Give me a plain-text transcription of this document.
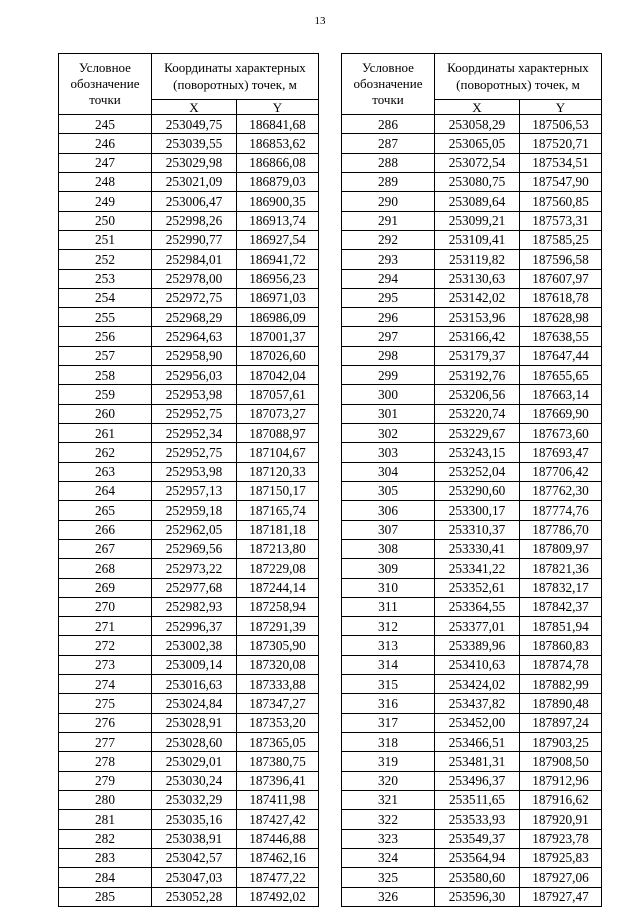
13
Условное обозначение точки	Координаты характерных (поворотных) точек, м	
	X	Y
245	253049,75	186841,68
246	253039,55	186853,62
247	253029,98	186866,08
248	253021,09	186879,03
249	253006,47	186900,35
250	252998,26	186913,74
251	252990,77	186927,54
252	252984,01	186941,72
253	252978,00	186956,23
254	252972,75	186971,03
255	252968,29	186986,09
256	252964,63	187001,37
257	252958,90	187026,60
258	252956,03	187042,04
259	252953,98	187057,61
260	252952,75	187073,27
261	252952,34	187088,97
262	252952,75	187104,67
263	252953,98	187120,33
264	252957,13	187150,17
265	252959,18	187165,74
266	252962,05	187181,18
267	252969,56	187213,80
268	252973,22	187229,08
269	252977,68	187244,14
270	252982,93	187258,94
271	252996,37	187291,39
272	253002,38	187305,90
273	253009,14	187320,08
274	253016,63	187333,88
275	253024,84	187347,27
276	253028,91	187353,20
277	253028,60	187365,05
278	253029,01	187380,75
279	253030,24	187396,41
280	253032,29	187411,98
281	253035,16	187427,42
282	253038,91	187446,88
283	253042,57	187462,16
284	253047,03	187477,22
285	253052,28	187492,02
Условное обозначение точки	Координаты характерных (поворотных) точек, м	
	X	Y
286	253058,29	187506,53
287	253065,05	187520,71
288	253072,54	187534,51
289	253080,75	187547,90
290	253089,64	187560,85
291	253099,21	187573,31
292	253109,41	187585,25
293	253119,82	187596,58
294	253130,63	187607,97
295	253142,02	187618,78
296	253153,96	187628,98
297	253166,42	187638,55
298	253179,37	187647,44
299	253192,76	187655,65
300	253206,56	187663,14
301	253220,74	187669,90
302	253229,67	187673,60
303	253243,15	187693,47
304	253252,04	187706,42
305	253290,60	187762,30
306	253300,17	187774,76
307	253310,37	187786,70
308	253330,41	187809,97
309	253341,22	187821,36
310	253352,61	187832,17
311	253364,55	187842,37
312	253377,01	187851,94
313	253389,96	187860,83
314	253410,63	187874,78
315	253424,02	187882,99
316	253437,82	187890,48
317	253452,00	187897,24
318	253466,51	187903,25
319	253481,31	187908,50
320	253496,37	187912,96
321	253511,65	187916,62
322	253533,93	187920,91
323	253549,37	187923,78
324	253564,94	187925,83
325	253580,60	187927,06
326	253596,30	187927,47
